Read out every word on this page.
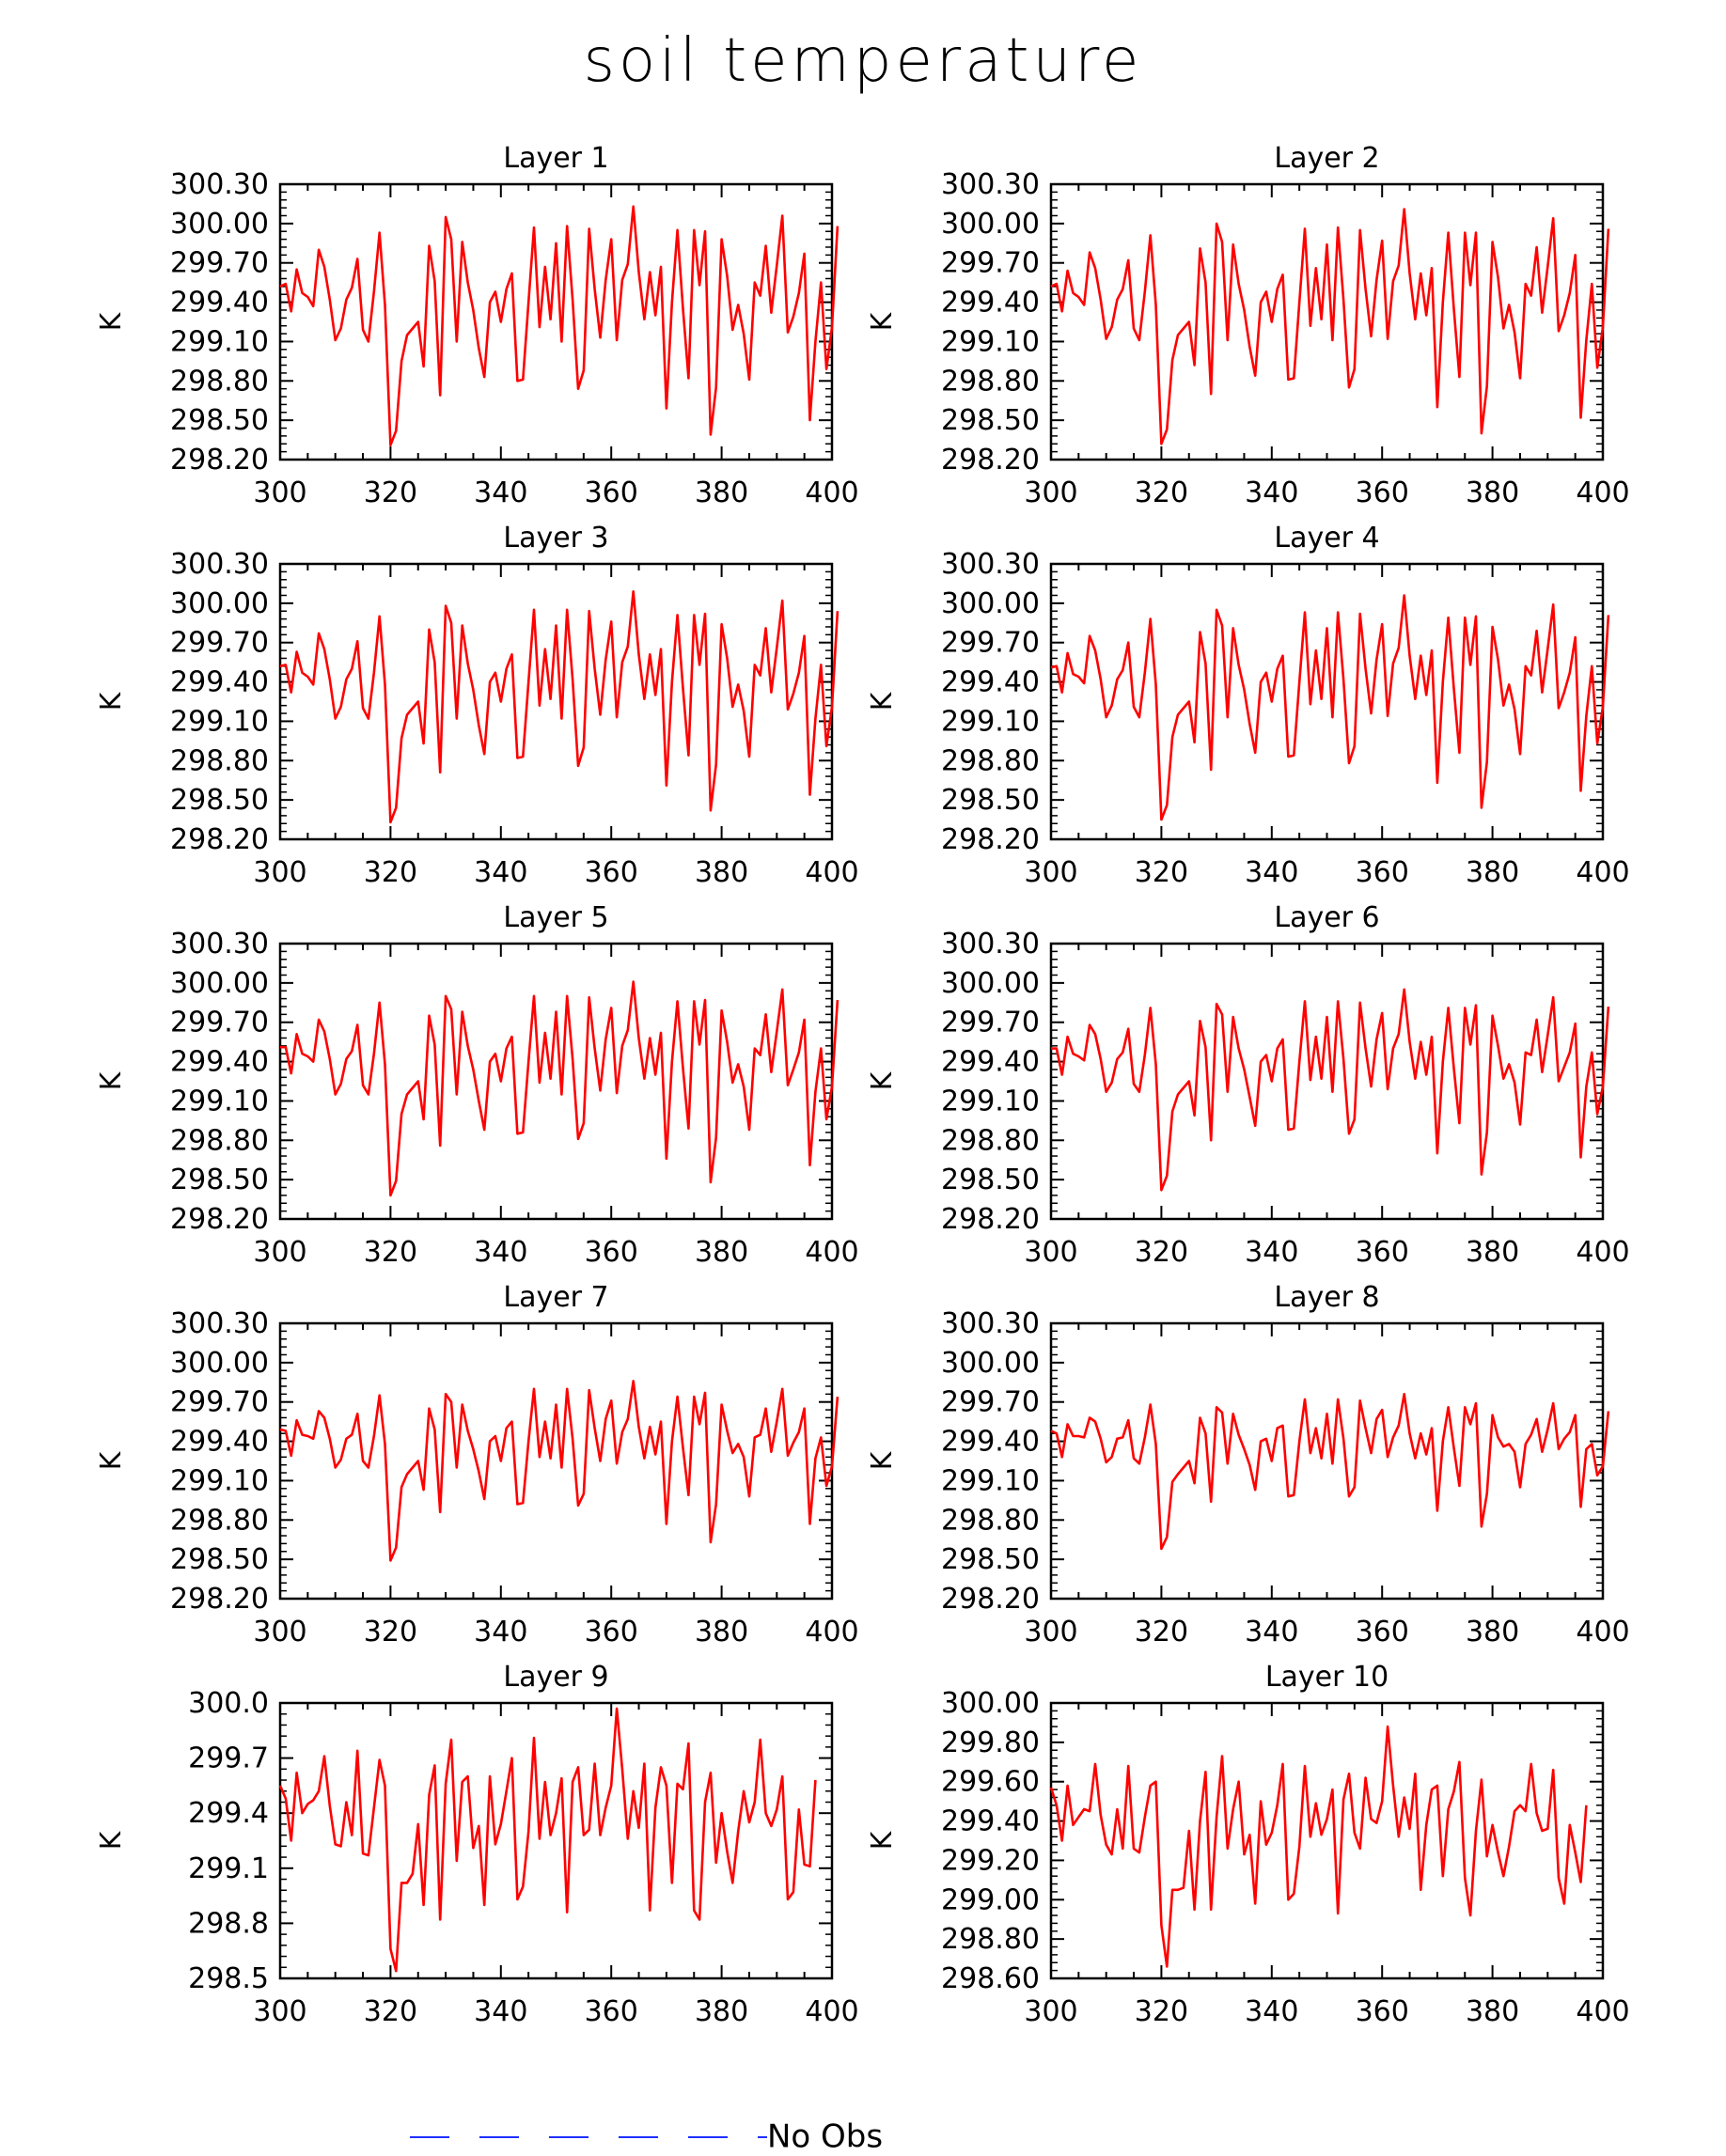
soil temperature
Layer 1
300 320 340 360 380 400
298.20
298.50
298.80
299.10
299.40
299.70
300.00
300.30
K
Layer 2
300 320 340 360 380 400
298.20
298.50
298.80
299.10
299.40
299.70
300.00
300.30
K
Layer 3
300 320 340 360 380 400
298.20
298.50
298.80
299.10
299.40
299.70
300.00
300.30
K
Layer 4
300 320 340 360 380 400
298.20
298.50
298.80
299.10
299.40
299.70
300.00
300.30
K
Layer 5
300 320 340 360 380 400
298.20
298.50
298.80
299.10
299.40
299.70
300.00
300.30
K
Layer 6
300 320 340 360 380 400
298.20
298.50
298.80
299.10
299.40
299.70
300.00
300.30
K
Layer 7
300 320 340 360 380 400
298.20
298.50
298.80
299.10
299.40
299.70
300.00
300.30
K
Layer 8
300 320 340 360 380 400
298.20
298.50
298.80
299.10
299.40
299.70
300.00
300.30
K
Layer 9
300 320 340 360 380 400
298.5
298.8
299.1
299.4
299.7
300.0
K
Layer 10
300 320 340 360 380 400
298.60
298.80
299.00
299.20
299.40
299.60
299.80
300.00
K
No Obs
